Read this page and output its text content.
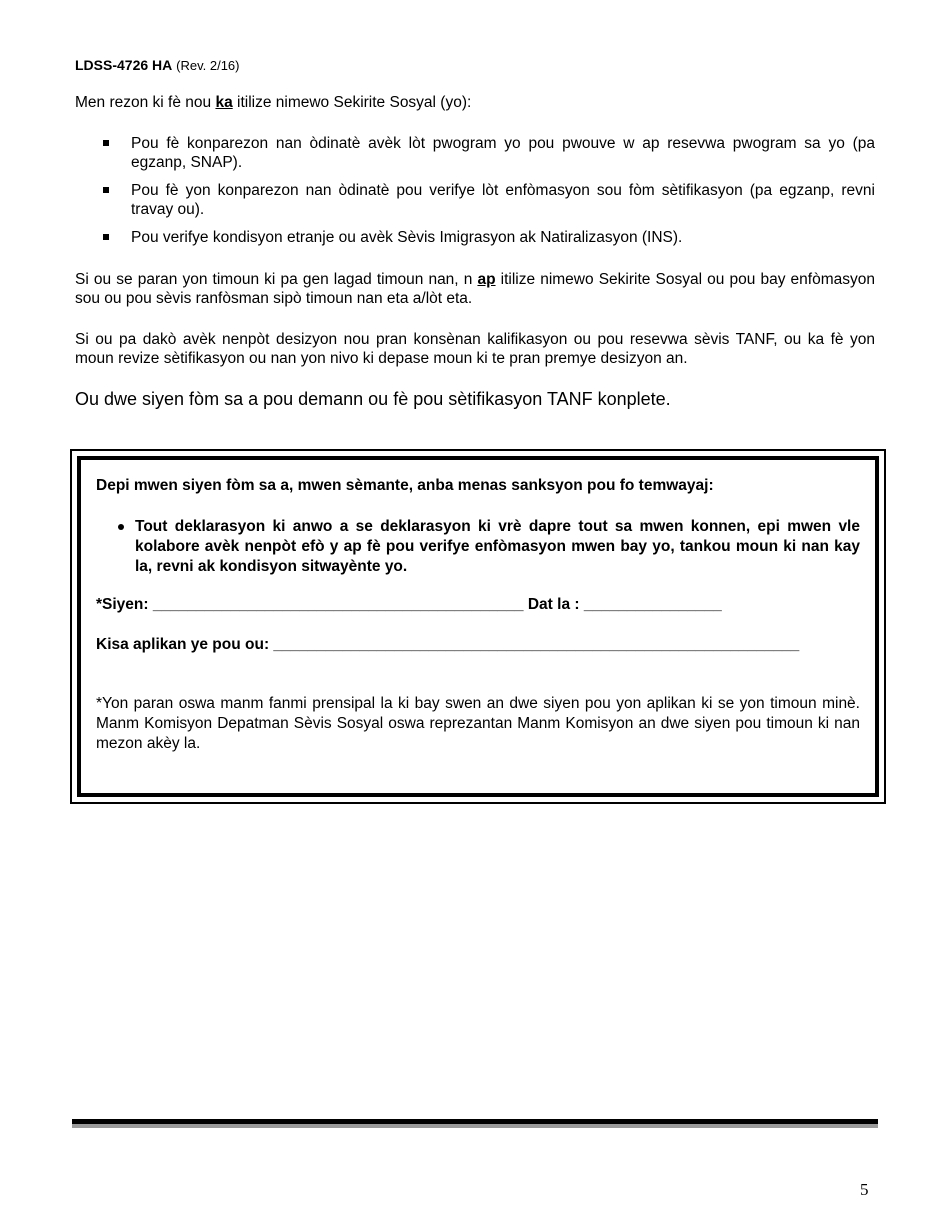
LDSS-4726 HA (Rev. 2/16)
Men rezon ki fè nou ka itilize nimewo Sekirite Sosyal (yo):
Pou fè konparezon nan òdinatè avèk lòt pwogram yo pou pwouve w ap resevwa pwogram sa yo (pa egzanp, SNAP).
Pou fè yon konparezon nan òdinatè pou verifye lòt enfòmasyon sou fòm sètifikasyon (pa egzanp, revni travay ou).
Pou verifye kondisyon etranje ou avèk Sèvis Imigrasyon ak Natiralizasyon (INS).

Si ou se paran yon timoun ki pa gen lagad timoun nan, n ap itilize nimewo Sekirite Sosyal ou pou bay enfòmasyon sou ou pou sèvis ranfòsman sipò timoun nan eta a/lòt eta.

Si ou pa dakò avèk nenpòt desizyon nou pran konsènan kalifikasyon ou pou resevwa sèvis TANF, ou ka fè yon moun revize sètifikasyon ou nan yon nivo ki depase moun ki te pran premye desizyon an.

Ou dwe siyen fòm sa a pou demann ou fè pou sètifikasyon TANF konplete.

Depi mwen siyen fòm sa a, mwen sèmante, anba menas sanksyon pou fo temwayaj:

Tout deklarasyon ki anwo a se deklarasyon ki vrè dapre tout sa mwen konnen, epi mwen vle kolabore avèk nenpòt efò y ap fè pou verifye enfòmasyon mwen bay yo, tankou moun ki nan kay la, revni ak kondisyon sitwayènte yo.
*Siyen: ___________________________________________ Dat la : ________________
Kisa aplikan ye pou ou: _____________________________________________________________

*Yon paran oswa manm fanmi prensipal la ki bay swen an dwe siyen pou yon aplikan ki se yon timoun minè. Manm Komisyon Depatman Sèvis Sosyal oswa reprezantan Manm Komisyon an dwe siyen pou timoun ki nan mezon akèy la.

5
